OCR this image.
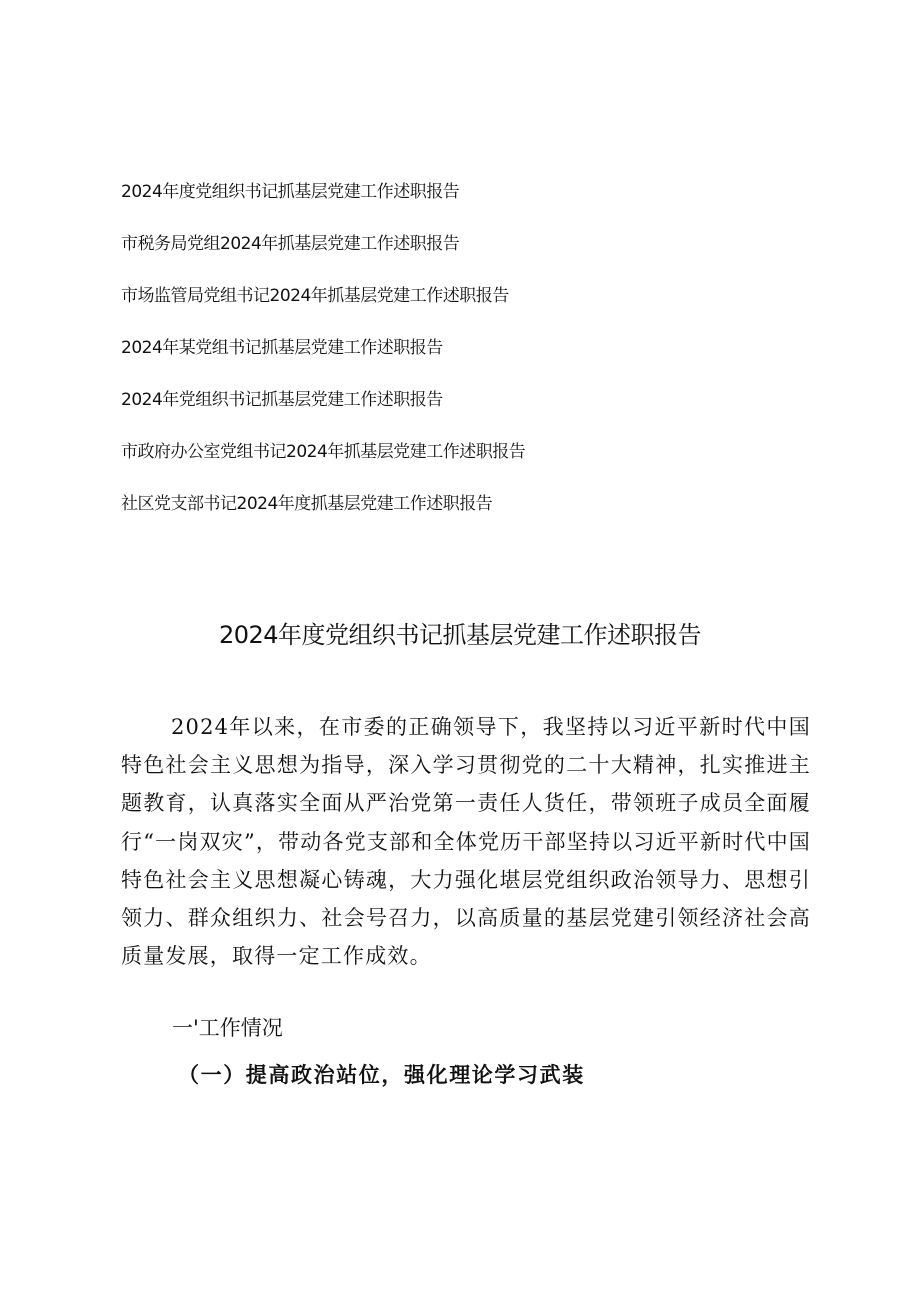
2024年度党组织书记抓基层党建工作述职报告
市税务局党组2024年抓基层党建工作述职报告
市场监管局党组书记2024年抓基层党建工作述职报告
2024年某党组书记抓基层党建工作述职报告
2024年党组织书记抓基层党建工作述职报告
市政府办公室党组书记2024年抓基层党建工作述职报告
社区党支部书记2024年度抓基层党建工作述职报告
2024年度党组织书记抓基层党建工作述职报告

2024年以来，在市委的正确领导下，我坚持以习近平新时代中国特色社会主义思想为指导，深入学习贯彻党的二十大精神，扎实推进主题教育，认真落实全面从严治党第一责任人货任，带领班子成员全面履行“一岗双灾”，带动各党支部和全体党历干部坚持以习近平新时代中国特色社会主义思想凝心铸魂，大力强化堪层党组织政治领导力、思想引领力、群众组织力、社会号召力，以高质量的基层党建引领经济社会高质量发展，取得一定工作成效。

一'工作情况
（一）提高政治站位，强化理论学习武装
